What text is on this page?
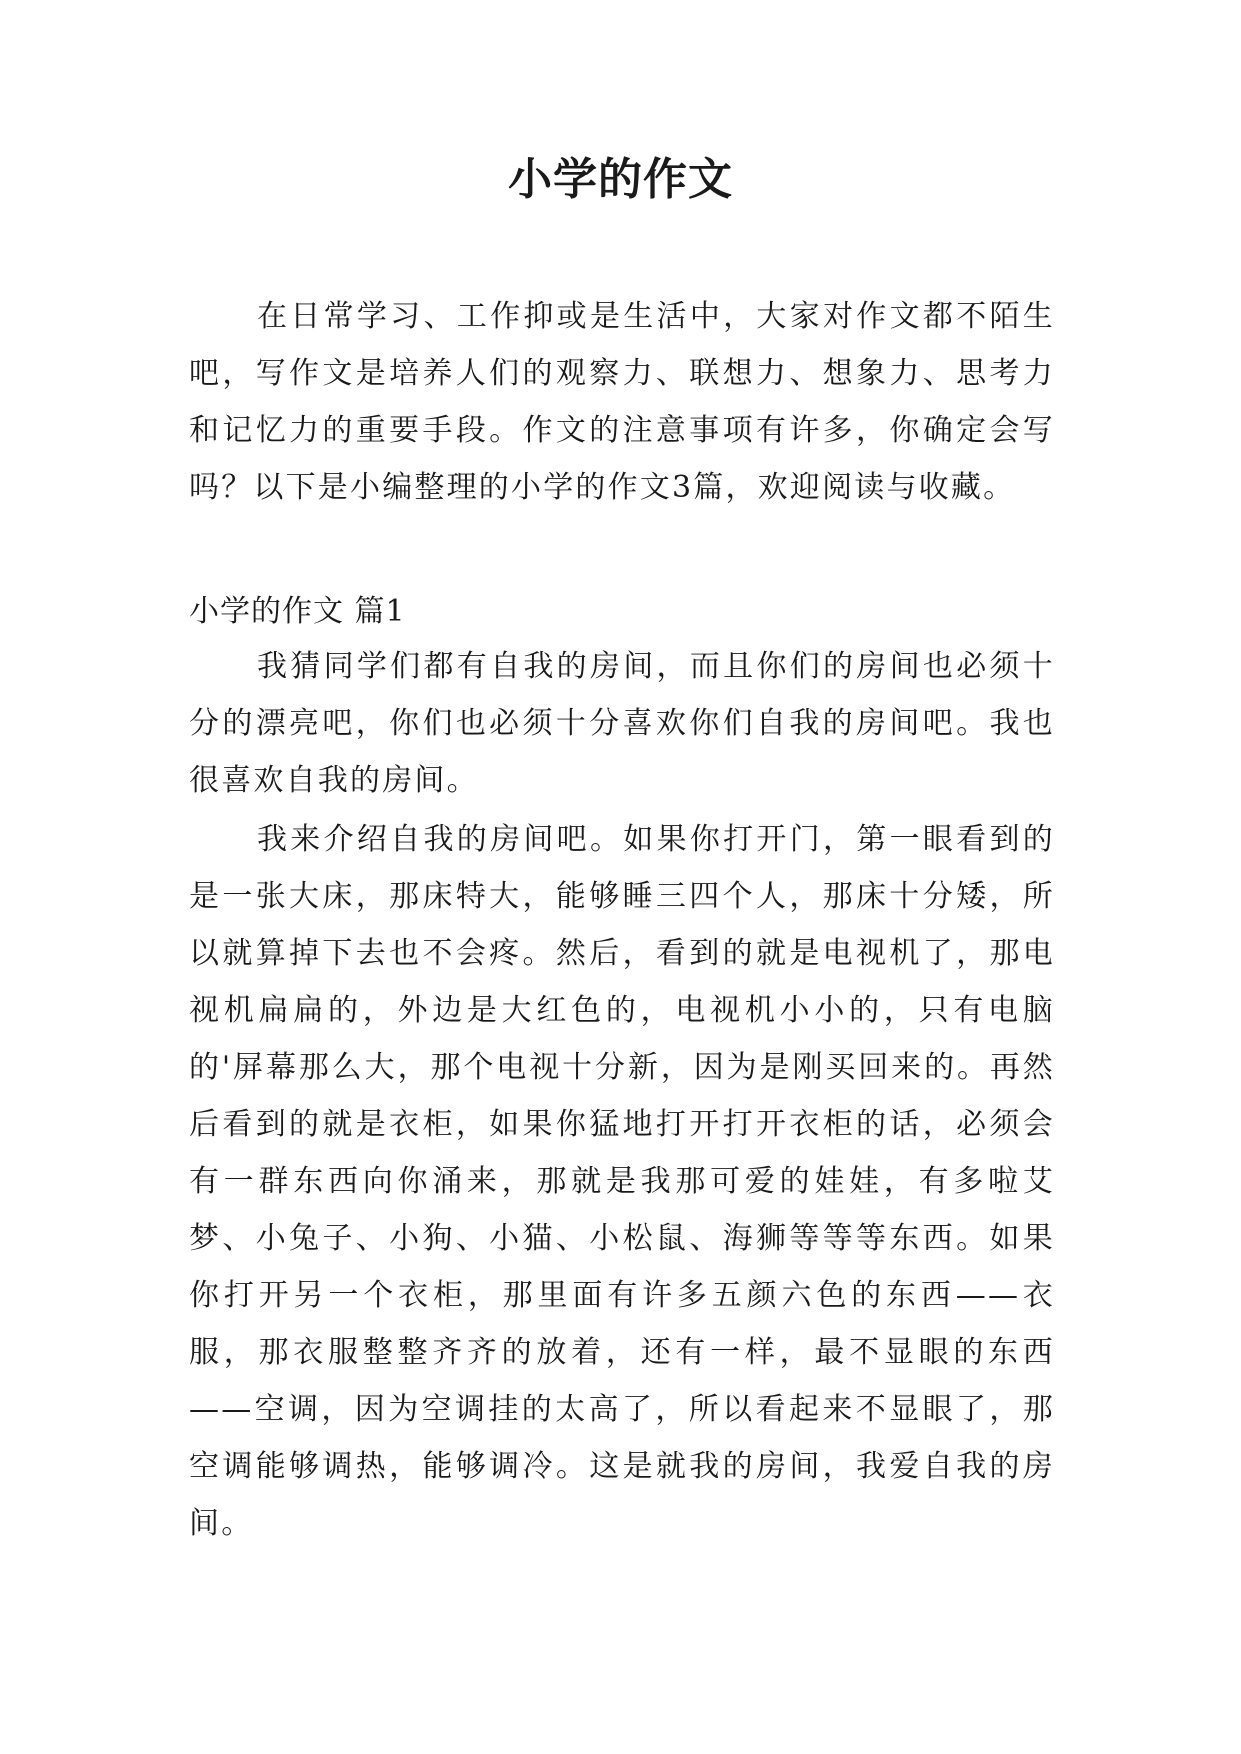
小学的作文

在日常学习、工作抑或是生活中，大家对作文都不陌生吧，写作文是培养人们的观察力、联想力、想象力、思考力和记忆力的重要手段。作文的注意事项有许多，你确定会写吗？以下是小编整理的小学的作文3篇，欢迎阅读与收藏。

小学的作文 篇1

我猜同学们都有自我的房间，而且你们的房间也必须十分的漂亮吧，你们也必须十分喜欢你们自我的房间吧。我也很喜欢自我的房间。

我来介绍自我的房间吧。如果你打开门，第一眼看到的是一张大床，那床特大，能够睡三四个人，那床十分矮，所以就算掉下去也不会疼。然后，看到的就是电视机了，那电视机扁扁的，外边是大红色的，电视机小小的，只有电脑的'屏幕那么大，那个电视十分新，因为是刚买回来的。再然后看到的就是衣柜，如果你猛地打开打开衣柜的话，必须会有一群东西向你涌来，那就是我那可爱的娃娃，有多啦艾梦、小兔子、小狗、小猫、小松鼠、海狮等等等东西。如果你打开另一个衣柜，那里面有许多五颜六色的东西——衣服，那衣服整整齐齐的放着，还有一样，最不显眼的东西——空调，因为空调挂的太高了，所以看起来不显眼了，那空调能够调热，能够调冷。这是就我的房间，我爱自我的房间。
